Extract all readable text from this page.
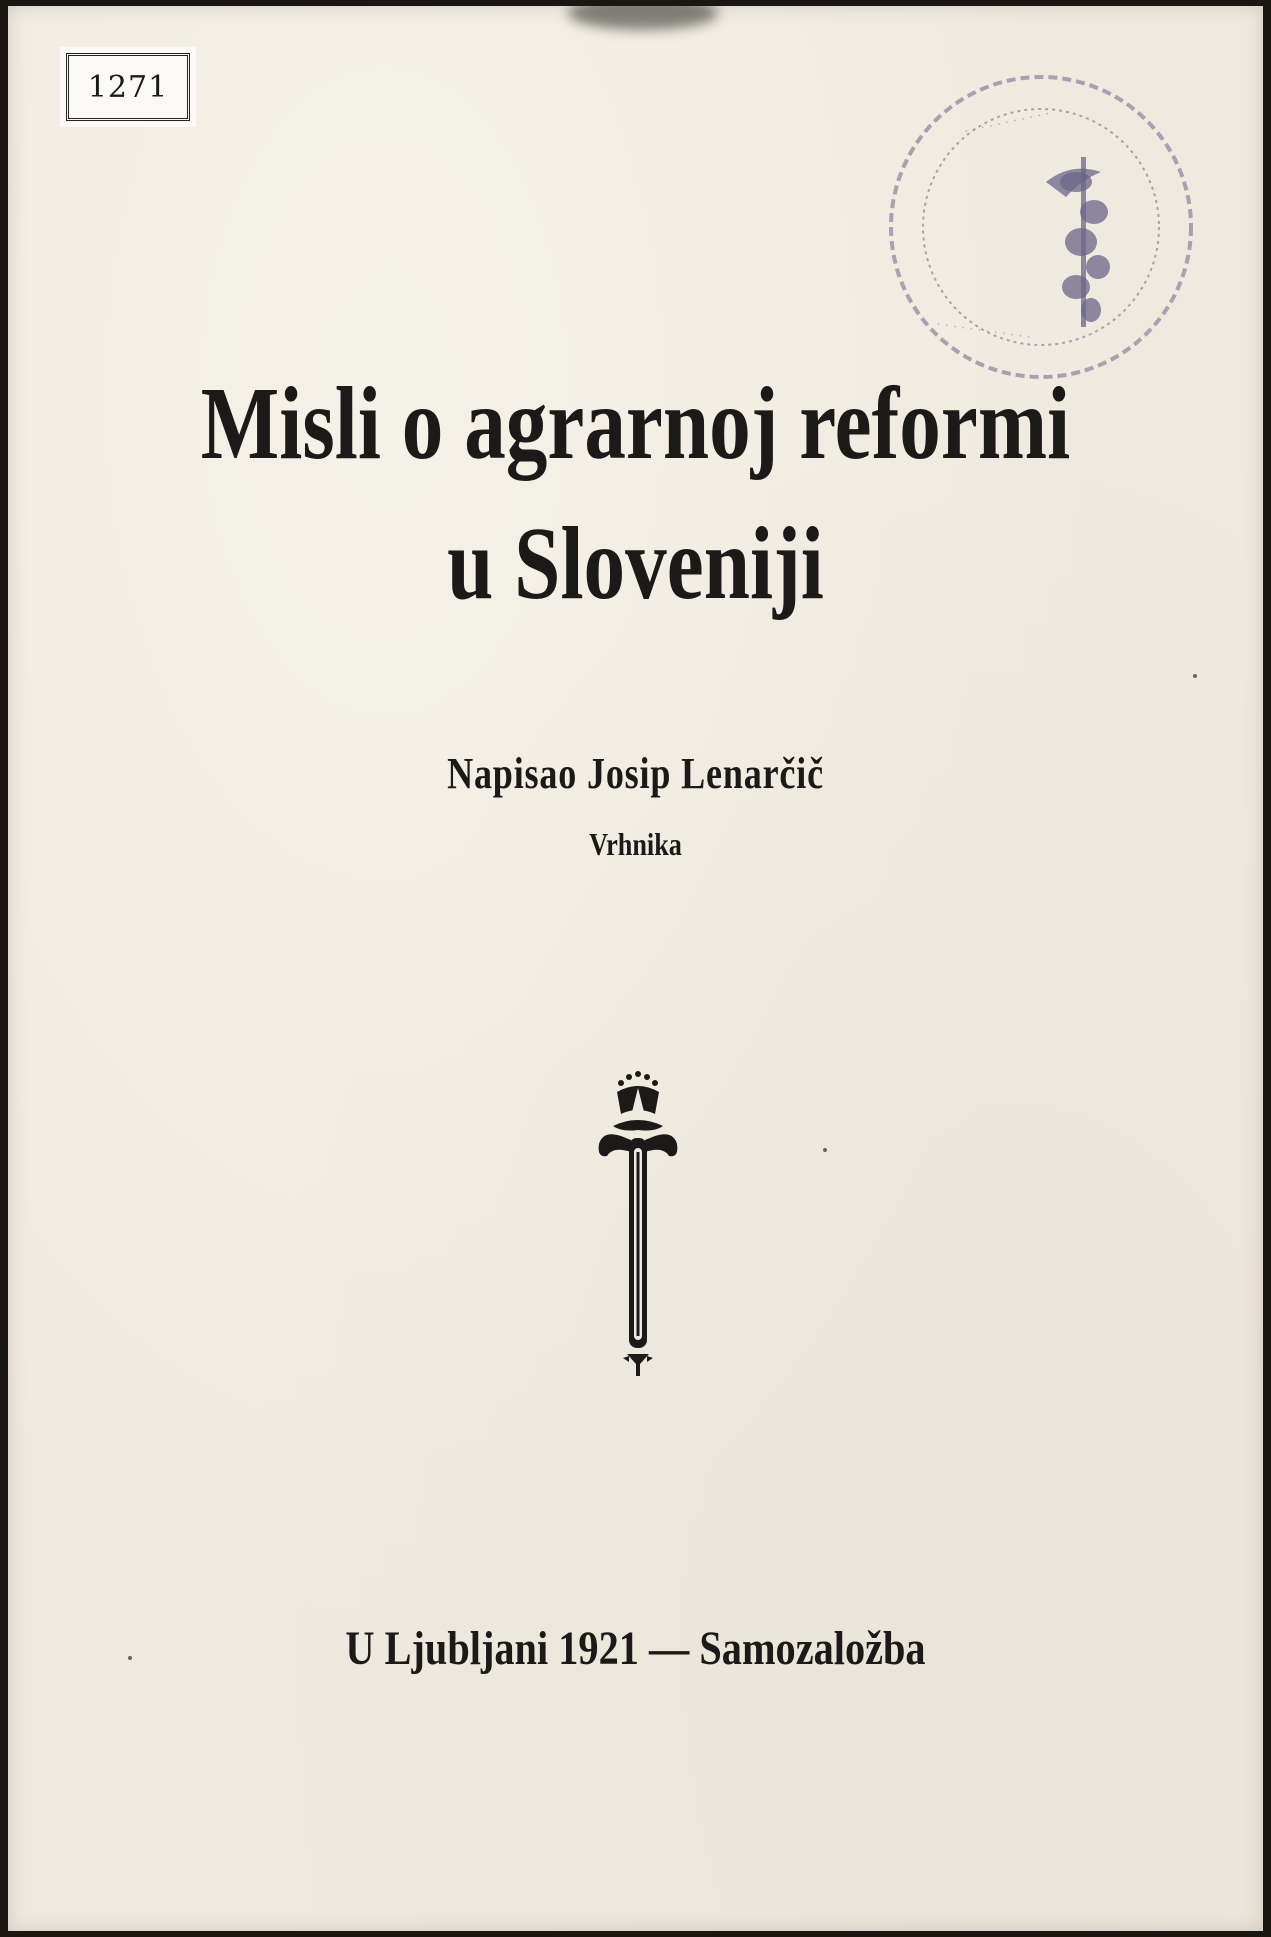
1271
· · · · · · · · · · ·
· · · · · · · · · · · ·
Misli o agrarnoj reformi
u Sloveniji
Napisao Josip Lenarčič
Vrhnika
U Ljubljani 1921 — Samozaložba
